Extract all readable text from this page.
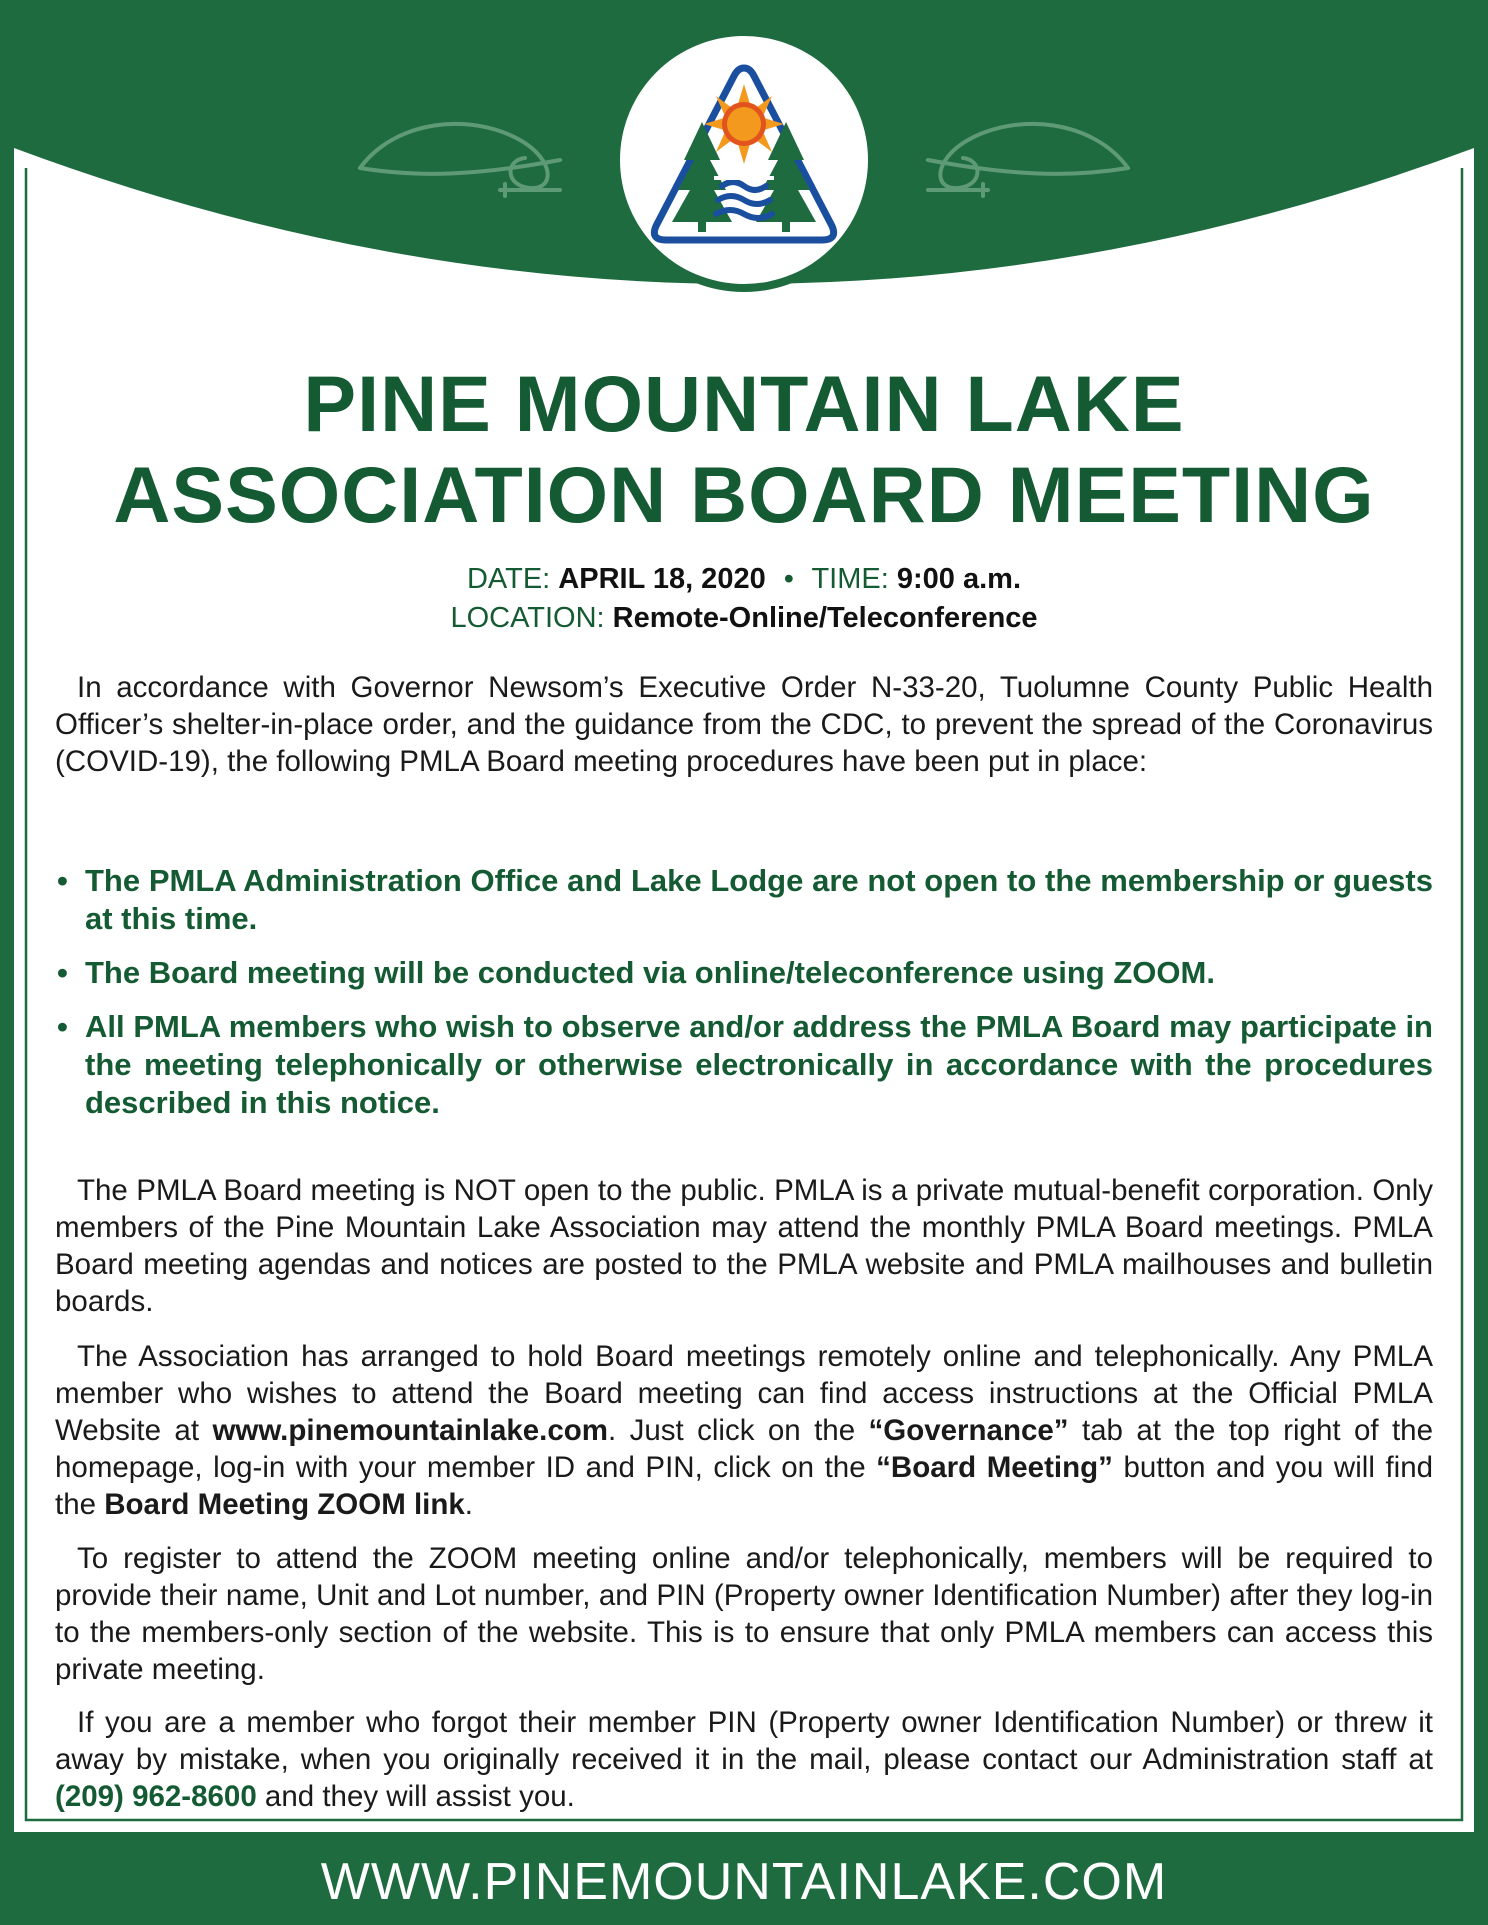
PINE MOUNTAIN LAKE
ASSOCIATION BOARD MEETING
DATE: APRIL 18, 2020 • TIME: 9:00 a.m.
LOCATION: Remote-Online/Teleconference
In accordance with Governor Newsom’s Executive Order N-33-20, Tuolumne County Public Health Officer’s shelter-in-place order, and the guidance from the CDC, to prevent the spread of the Coronavirus (COVID-19), the following PMLA Board meeting procedures have been put in place:
• The PMLA Administration Office and Lake Lodge are not open to the membership or guests at this time.
• The Board meeting will be conducted via online/teleconference using ZOOM.
• All PMLA members who wish to observe and/or address the PMLA Board may participate in the meeting telephonically or otherwise electronically in accordance with the procedures described in this notice.
The PMLA Board meeting is NOT open to the public. PMLA is a private mutual-benefit corporation. Only members of the Pine Mountain Lake Association may attend the monthly PMLA Board meetings. PMLA Board meeting agendas and notices are posted to the PMLA website and PMLA mailhouses and bulletin boards.
The Association has arranged to hold Board meetings remotely online and telephonically. Any PMLA member who wishes to attend the Board meeting can find access instructions at the Official PMLA Website at www.pinemountainlake.com. Just click on the “Governance” tab at the top right of the homepage, log-in with your member ID and PIN, click on the “Board Meeting” button and you will find the Board Meeting ZOOM link.
To register to attend the ZOOM meeting online and/or telephonically, members will be required to provide their name, Unit and Lot number, and PIN (Property owner Identification Number) after they log-in to the members-only section of the website. This is to ensure that only PMLA members can access this private meeting.
If you are a member who forgot their member PIN (Property owner Identification Number) or threw it away by mistake, when you originally received it in the mail, please contact our Administration staff at (209) 962-8600 and they will assist you.
WWW.PINEMOUNTAINLAKE.COM
